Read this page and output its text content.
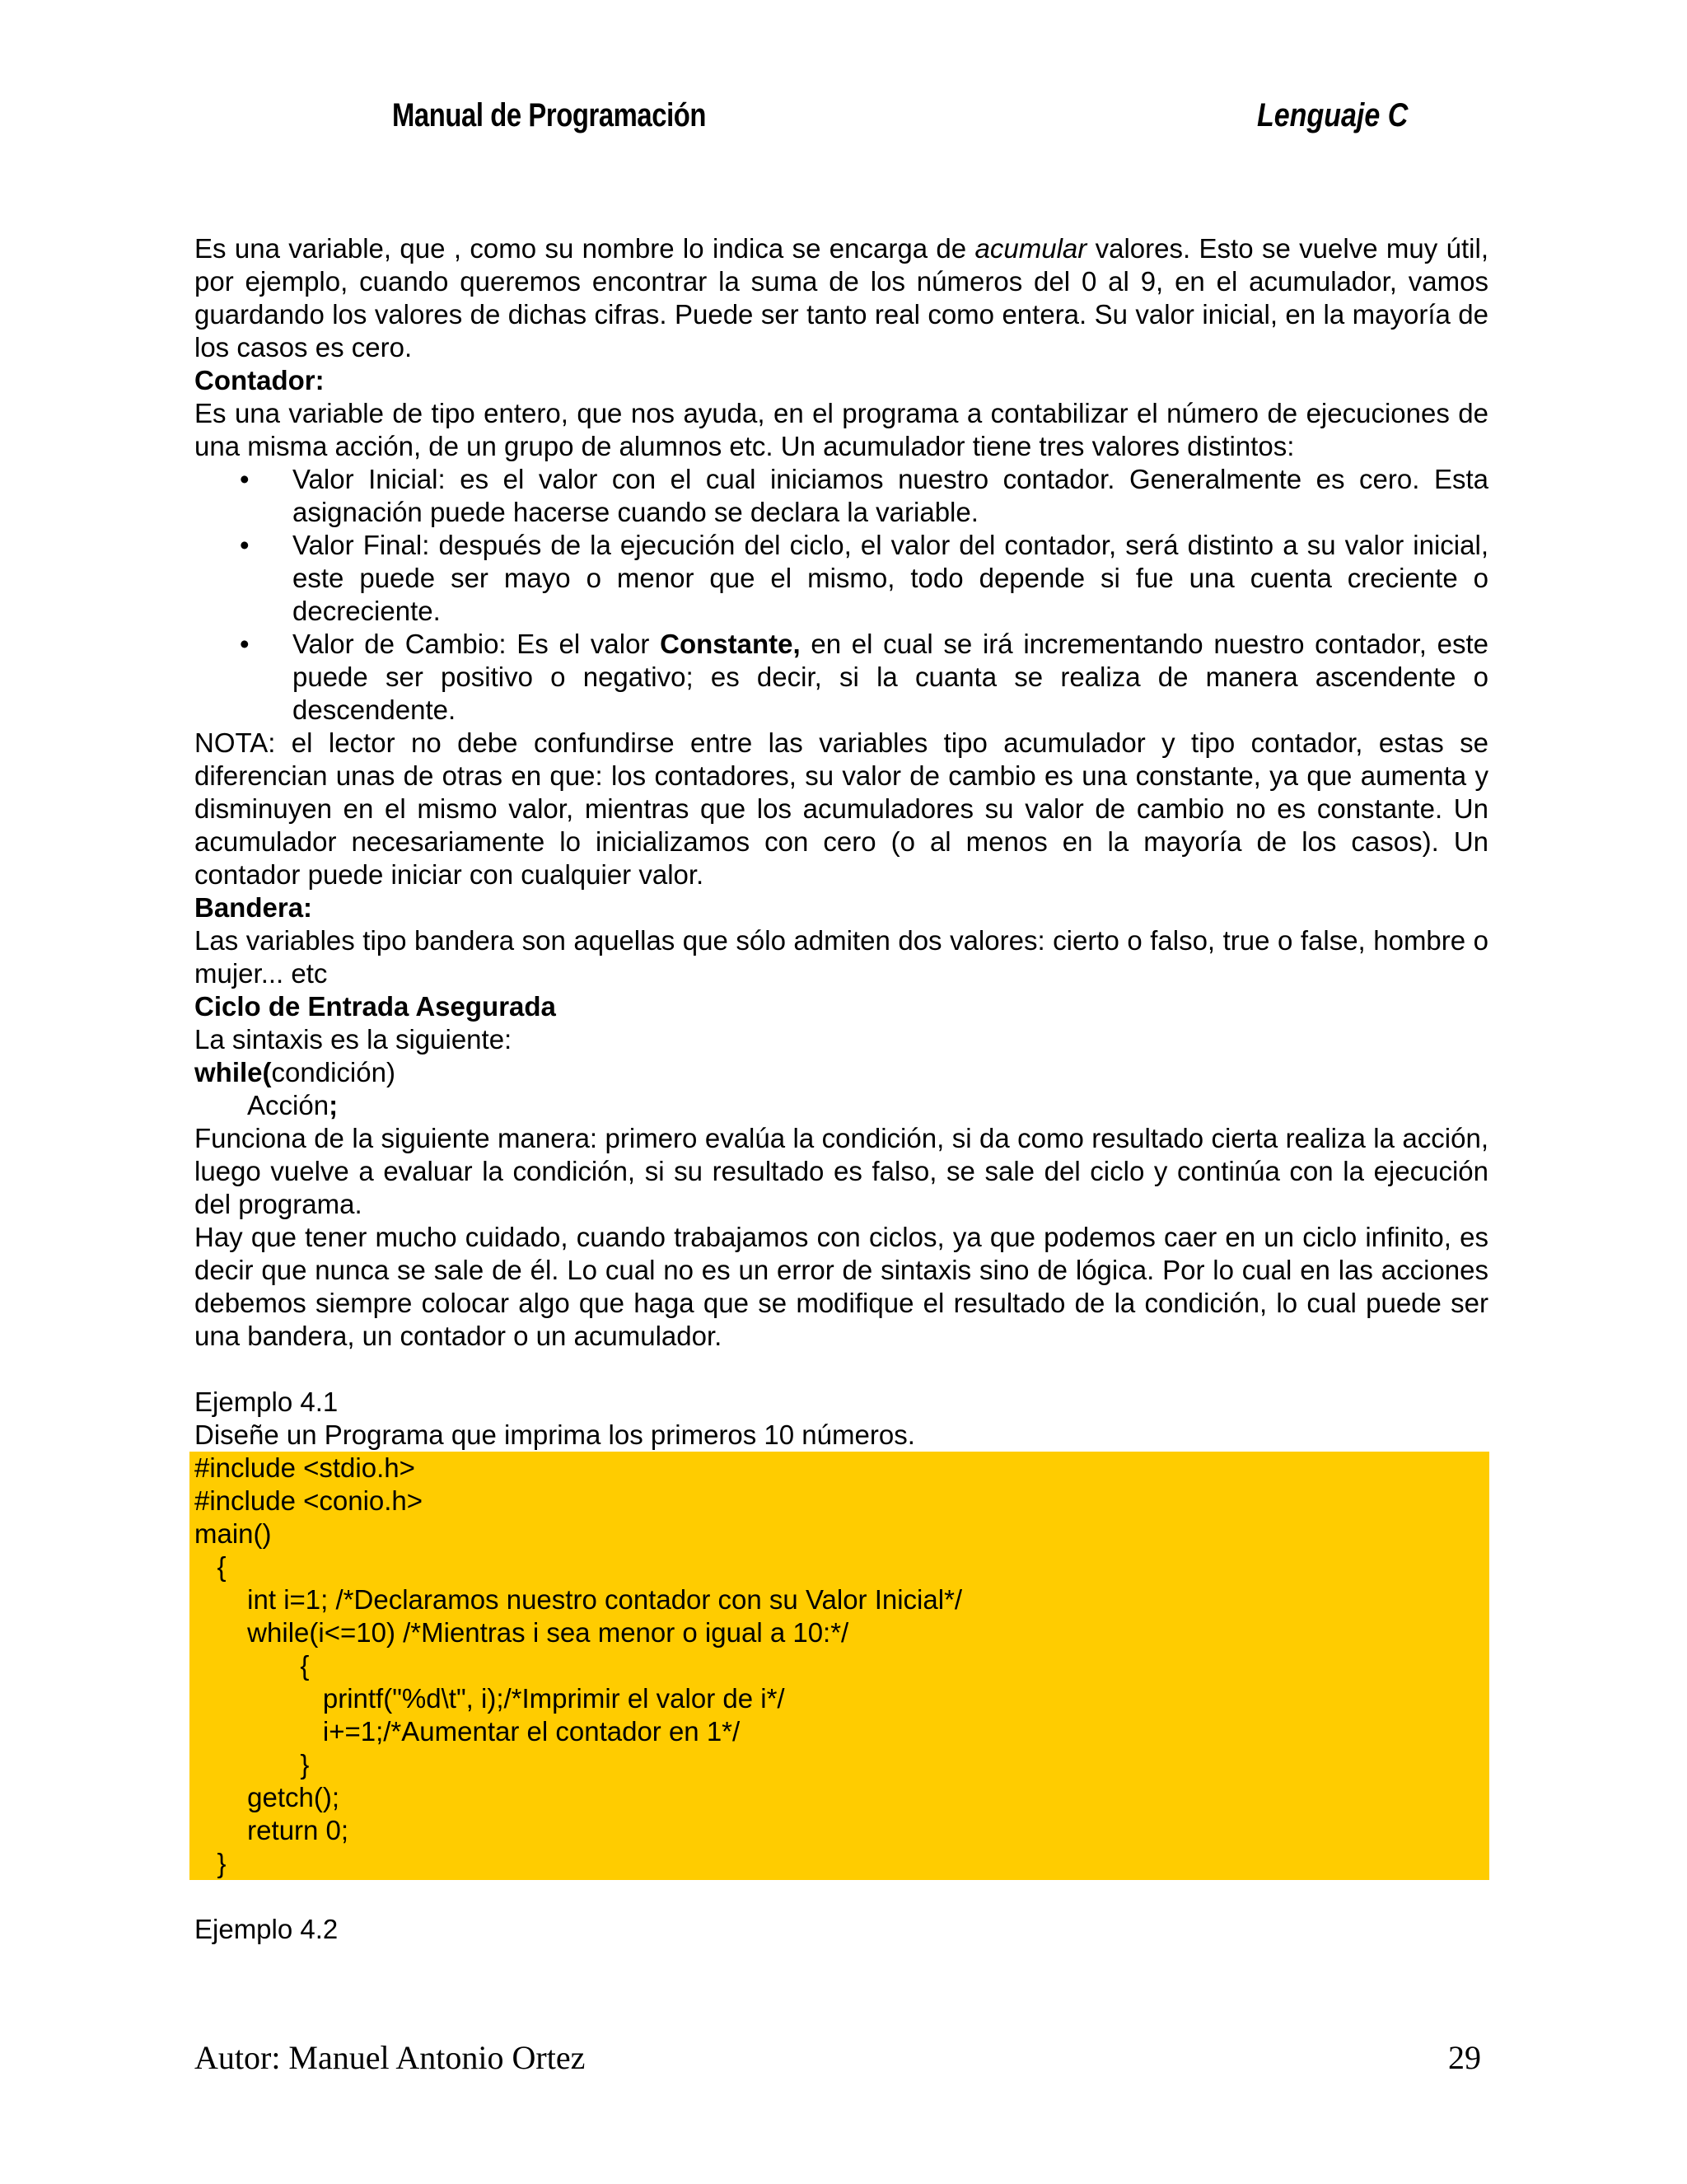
Manual de Programación	Lenguaje C

Es una variable, que , como su nombre lo indica se encarga de acumular valores. Esto se vuelve muy útil, por ejemplo, cuando queremos encontrar la suma de los números del 0 al 9, en el acumulador, vamos guardando los valores de dichas cifras. Puede ser tanto real como entera. Su valor inicial, en la mayoría de los casos es cero.

Contador:

Es una variable de tipo entero, que nos ayuda, en el programa a contabilizar el número de ejecuciones de una misma acción, de un grupo de alumnos etc. Un acumulador tiene tres valores distintos:

• Valor Inicial: es el valor con el cual iniciamos nuestro contador. Generalmente es cero. Esta asignación puede hacerse cuando se declara la variable.
• Valor Final: después de la ejecución del ciclo, el valor del contador, será distinto a su valor inicial, este puede ser mayo o menor que el mismo, todo depende si fue una cuenta creciente o decreciente.
• Valor de Cambio: Es el valor Constante, en el cual se irá incrementando nuestro contador, este puede ser positivo o negativo; es decir, si la cuanta se realiza de manera ascendente o descendente.

NOTA: el lector no debe confundirse entre las variables tipo acumulador y tipo contador, estas se diferencian unas de otras en que: los contadores, su valor de cambio es una constante, ya que aumenta y disminuyen en el mismo valor, mientras que los acumuladores su valor de cambio no es constante. Un acumulador necesariamente lo inicializamos con cero (o al menos en la mayoría de los casos). Un contador puede iniciar con cualquier valor.

Bandera:

Las variables tipo bandera son aquellas que sólo admiten dos valores: cierto o falso, true o false, hombre o mujer... etc

Ciclo de Entrada Asegurada

La sintaxis es la siguiente:

while(condición)

Acción;

Funciona de la siguiente manera: primero evalúa la condición, si da como resultado cierta realiza la acción, luego vuelve a evaluar la condición, si su resultado es falso, se sale del ciclo y continúa con la ejecución del programa.

Hay que tener mucho cuidado, cuando trabajamos con ciclos, ya que podemos caer en un ciclo infinito, es decir que nunca se sale de él. Lo cual no es un error de sintaxis sino de lógica. Por lo cual en las acciones debemos siempre colocar algo que haga que se modifique el resultado de la condición, lo cual puede ser una bandera, un contador o un acumulador.

Ejemplo 4.1

Diseñe un Programa que imprima los primeros 10 números.

#include <stdio.h>
#include <conio.h>
main()
{
int i=1; /*Declaramos nuestro contador con su Valor Inicial*/
while(i<=10) /*Mientras i sea menor o igual a 10:*/
{
printf("%d\t", i);/*Imprimir el valor de i*/
i+=1;/*Aumentar el contador en 1*/
}
getch();
return 0;
}

Ejemplo 4.2

Autor: Manuel Antonio Ortez	29
